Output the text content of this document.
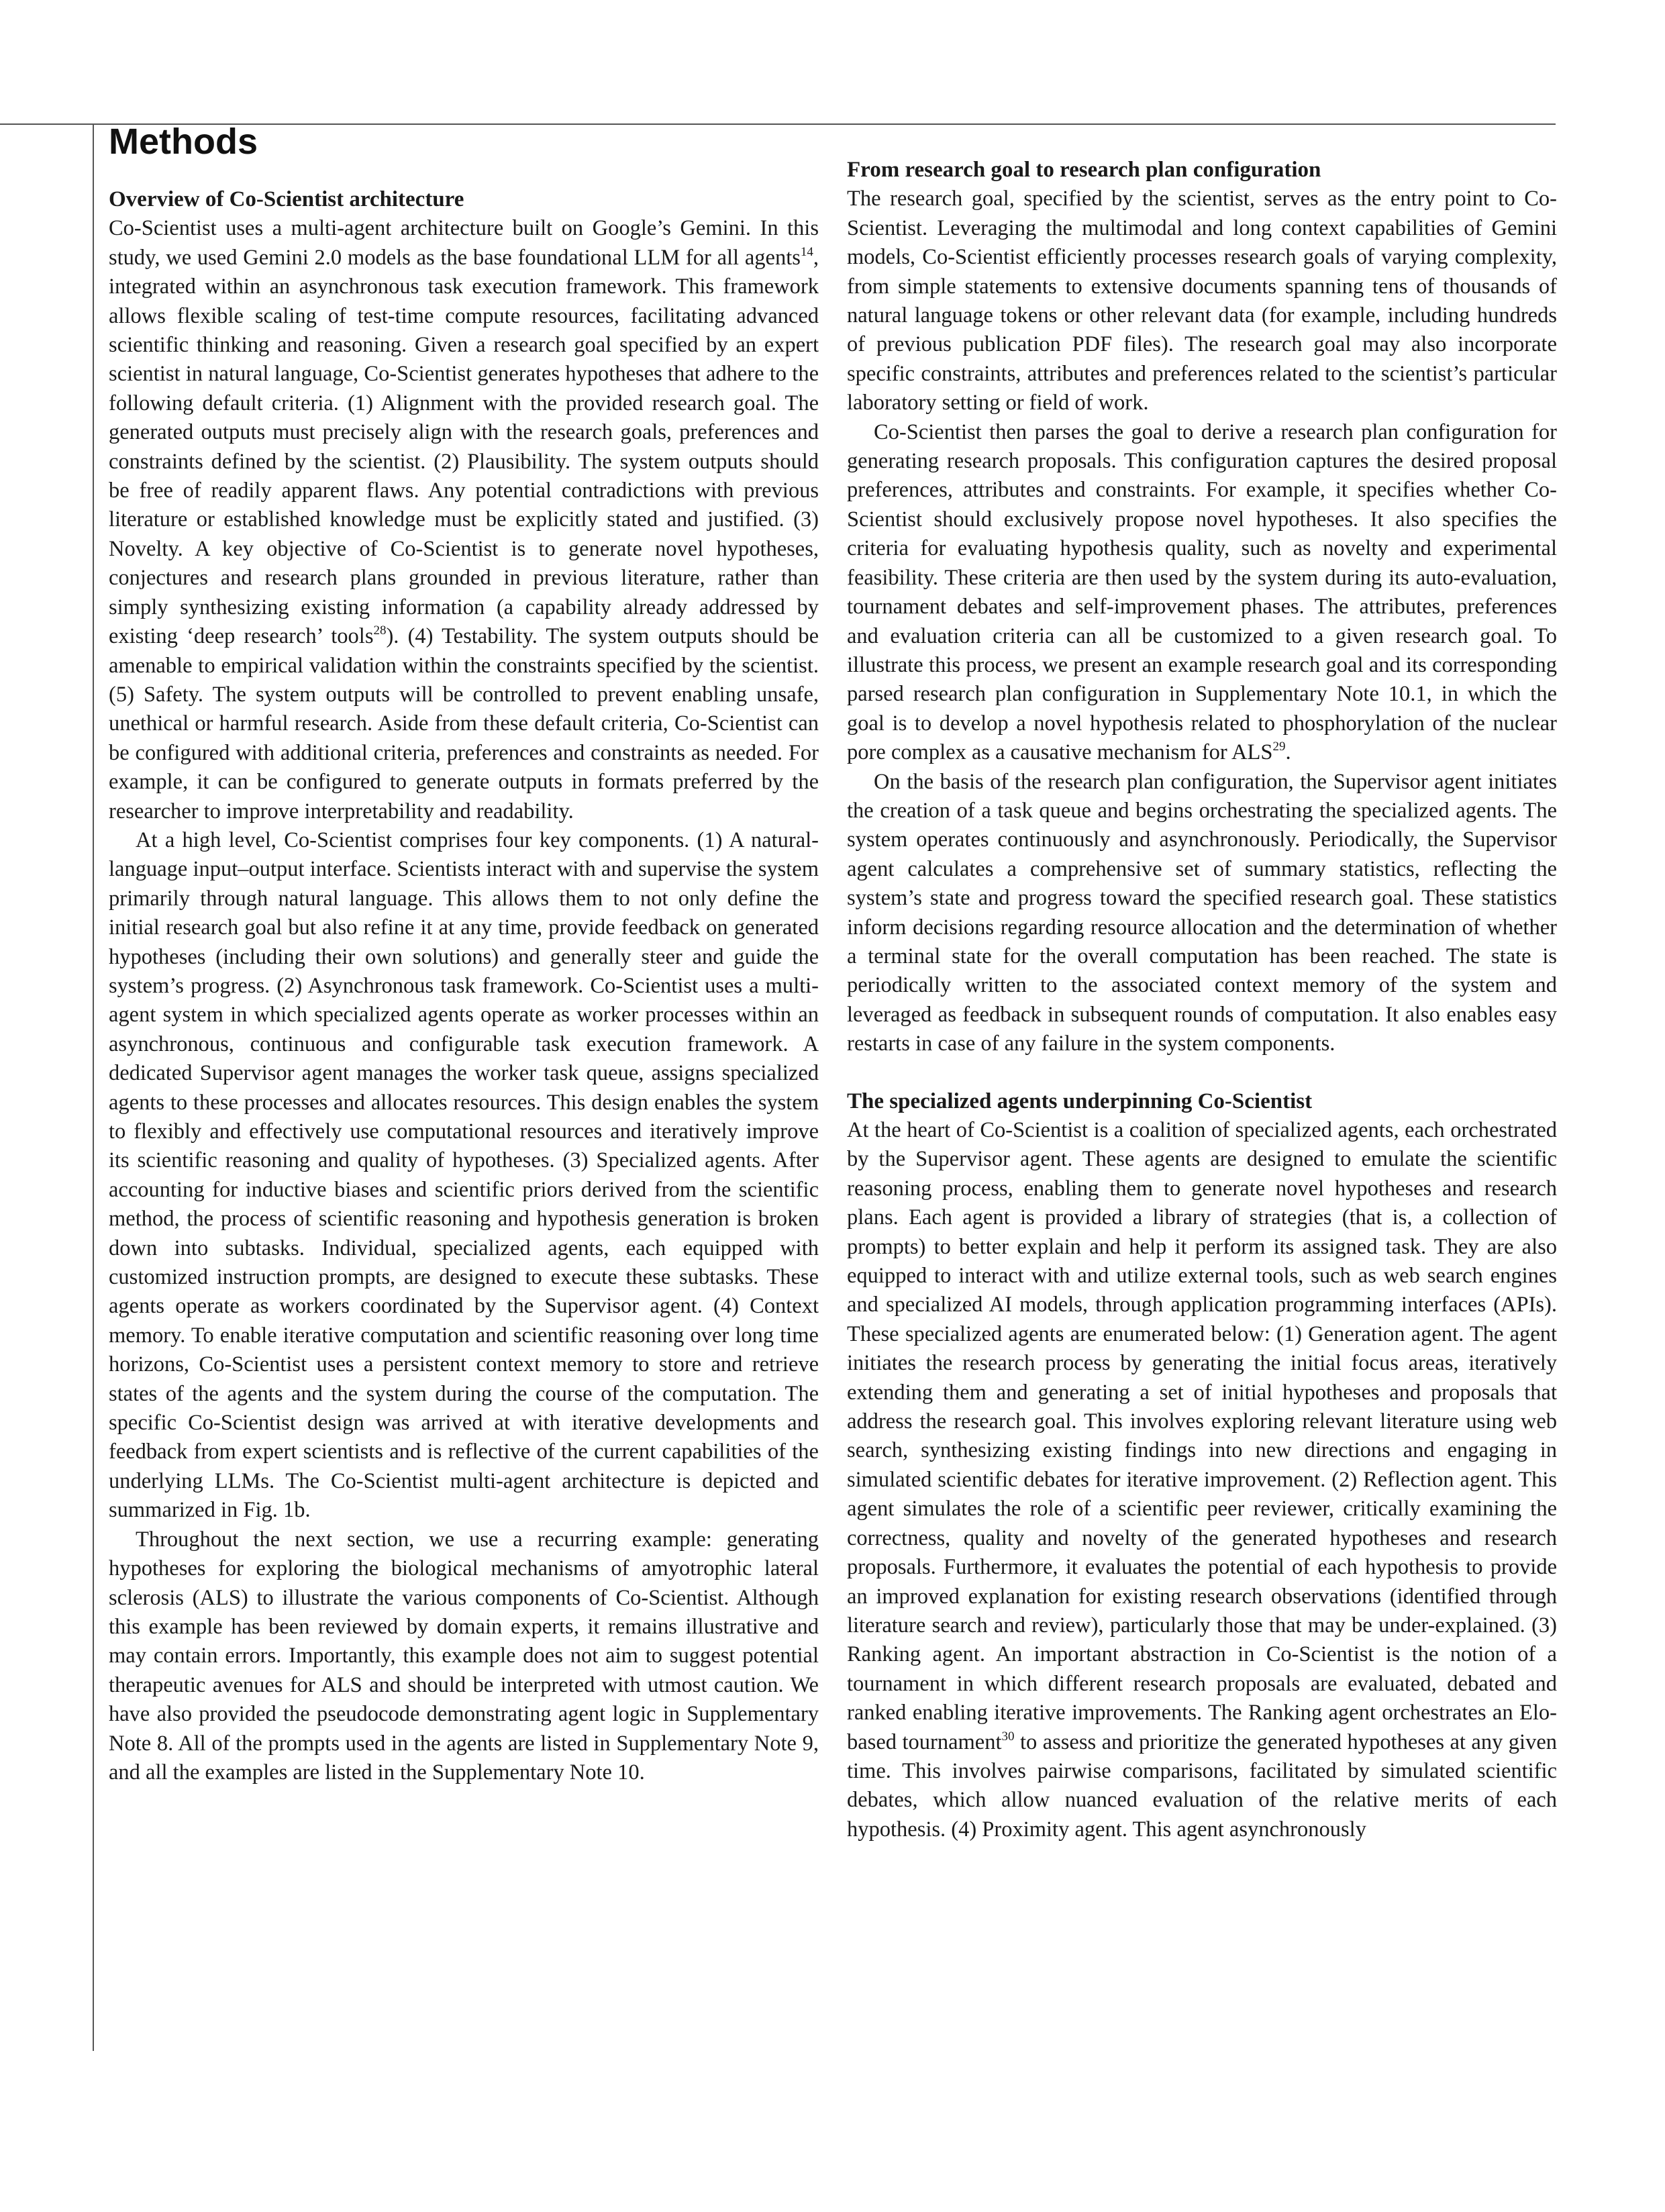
Methods

Overview of Co-Scientist architecture

Co-Scientist uses a multi-agent architecture built on Google’s Gemini. In this study, we used Gemini 2.0 models as the base foundational LLM for all agents$^{14}$, integrated within an asynchronous task execution framework. This framework allows flexible scaling of test-time compute resources, facilitating advanced scientific thinking and reasoning. Given a research goal specified by an expert scientist in natural language, Co-Scientist generates hypotheses that adhere to the following default criteria. (1) Alignment with the provided research goal. The generated outputs must precisely align with the research goals, preferences and constraints defined by the scientist. (2) Plausibility. The system outputs should be free of readily apparent flaws. Any potential contradictions with previous literature or established knowledge must be explicitly stated and justified. (3) Novelty. A key objective of Co-Scientist is to generate novel hypotheses, conjectures and research plans grounded in previous literature, rather than simply synthesizing existing information (a capability already addressed by existing ‘deep research’ tools$^{28}$). (4) Testability. The system outputs should be amenable to empirical validation within the constraints specified by the scientist. (5) Safety. The system outputs will be controlled to prevent enabling unsafe, unethical or harmful research. Aside from these default criteria, Co-Scientist can be configured with additional criteria, preferences and constraints as needed. For example, it can be configured to generate outputs in formats preferred by the researcher to improve interpretability and readability.

At a high level, Co-Scientist comprises four key components. (1) A natural-language input–output interface. Scientists interact with and supervise the system primarily through natural language. This allows them to not only define the initial research goal but also refine it at any time, provide feedback on generated hypotheses (including their own solutions) and generally steer and guide the system’s progress. (2) Asynchronous task framework. Co-Scientist uses a multi-agent system in which specialized agents operate as worker processes within an asynchronous, continuous and configurable task execution framework. A dedicated Supervisor agent manages the worker task queue, assigns specialized agents to these processes and allocates resources. This design enables the system to flexibly and effectively use computational resources and iteratively improve its scientific reasoning and quality of hypotheses. (3) Specialized agents. After accounting for inductive biases and scientific priors derived from the scientific method, the process of scientific reasoning and hypothesis generation is broken down into subtasks. Individual, specialized agents, each equipped with customized instruction prompts, are designed to execute these subtasks. These agents operate as workers coordinated by the Supervisor agent. (4) Context memory. To enable iterative computation and scientific reasoning over long time horizons, Co-Scientist uses a persistent context memory to store and retrieve states of the agents and the system during the course of the computation. The specific Co-Scientist design was arrived at with iterative developments and feedback from expert scientists and is reflective of the current capabilities of the underlying LLMs. The Co-Scientist multi-agent architecture is depicted and summarized in Fig. 1b.

Throughout the next section, we use a recurring example: generating hypotheses for exploring the biological mechanisms of amyotrophic lateral sclerosis (ALS) to illustrate the various components of Co-Scientist. Although this example has been reviewed by domain experts, it remains illustrative and may contain errors. Importantly, this example does not aim to suggest potential therapeutic avenues for ALS and should be interpreted with utmost caution. We have also provided the pseudocode demonstrating agent logic in Supplementary Note 8. All of the prompts used in the agents are listed in Supplementary Note 9, and all the examples are listed in the Supplementary Note 10.

From research goal to research plan configuration

The research goal, specified by the scientist, serves as the entry point to Co-Scientist. Leveraging the multimodal and long context capabilities of Gemini models, Co-Scientist efficiently processes research goals of varying complexity, from simple statements to extensive documents spanning tens of thousands of natural language tokens or other relevant data (for example, including hundreds of previous publication PDF files). The research goal may also incorporate specific constraints, attributes and preferences related to the scientist’s particular laboratory setting or field of work.

Co-Scientist then parses the goal to derive a research plan configuration for generating research proposals. This configuration captures the desired proposal preferences, attributes and constraints. For example, it specifies whether Co-Scientist should exclusively propose novel hypotheses. It also specifies the criteria for evaluating hypothesis quality, such as novelty and experimental feasibility. These criteria are then used by the system during its auto-evaluation, tournament debates and self-improvement phases. The attributes, preferences and evaluation criteria can all be customized to a given research goal. To illustrate this process, we present an example research goal and its corresponding parsed research plan configuration in Supplementary Note 10.1, in which the goal is to develop a novel hypothesis related to phosphorylation of the nuclear pore complex as a causative mechanism for ALS$^{29}$.

On the basis of the research plan configuration, the Supervisor agent initiates the creation of a task queue and begins orchestrating the specialized agents. The system operates continuously and asynchronously. Periodically, the Supervisor agent calculates a comprehensive set of summary statistics, reflecting the system’s state and progress toward the specified research goal. These statistics inform decisions regarding resource allocation and the determination of whether a terminal state for the overall computation has been reached. The state is periodically written to the associated context memory of the system and leveraged as feedback in subsequent rounds of computation. It also enables easy restarts in case of any failure in the system components.

The specialized agents underpinning Co-Scientist

At the heart of Co-Scientist is a coalition of specialized agents, each orchestrated by the Supervisor agent. These agents are designed to emulate the scientific reasoning process, enabling them to generate novel hypotheses and research plans. Each agent is provided a library of strategies (that is, a collection of prompts) to better explain and help it perform its assigned task. They are also equipped to interact with and utilize external tools, such as web search engines and specialized AI models, through application programming interfaces (APIs). These specialized agents are enumerated below: (1) Generation agent. The agent initiates the research process by generating the initial focus areas, iteratively extending them and generating a set of initial hypotheses and proposals that address the research goal. This involves exploring relevant literature using web search, synthesizing existing findings into new directions and engaging in simulated scientific debates for iterative improvement. (2) Reflection agent. This agent simulates the role of a scientific peer reviewer, critically examining the correctness, quality and novelty of the generated hypotheses and research proposals. Furthermore, it evaluates the potential of each hypothesis to provide an improved explanation for existing research observations (identified through literature search and review), particularly those that may be under-explained. (3) Ranking agent. An important abstraction in Co-Scientist is the notion of a tournament in which different research proposals are evaluated, debated and ranked enabling iterative improvements. The Ranking agent orchestrates an Elo-based tournament$^{30}$ to assess and prioritize the generated hypotheses at any given time. This involves pairwise comparisons, facilitated by simulated scientific debates, which allow nuanced evaluation of the relative merits of each hypothesis. (4) Proximity agent. This agent asynchronously
